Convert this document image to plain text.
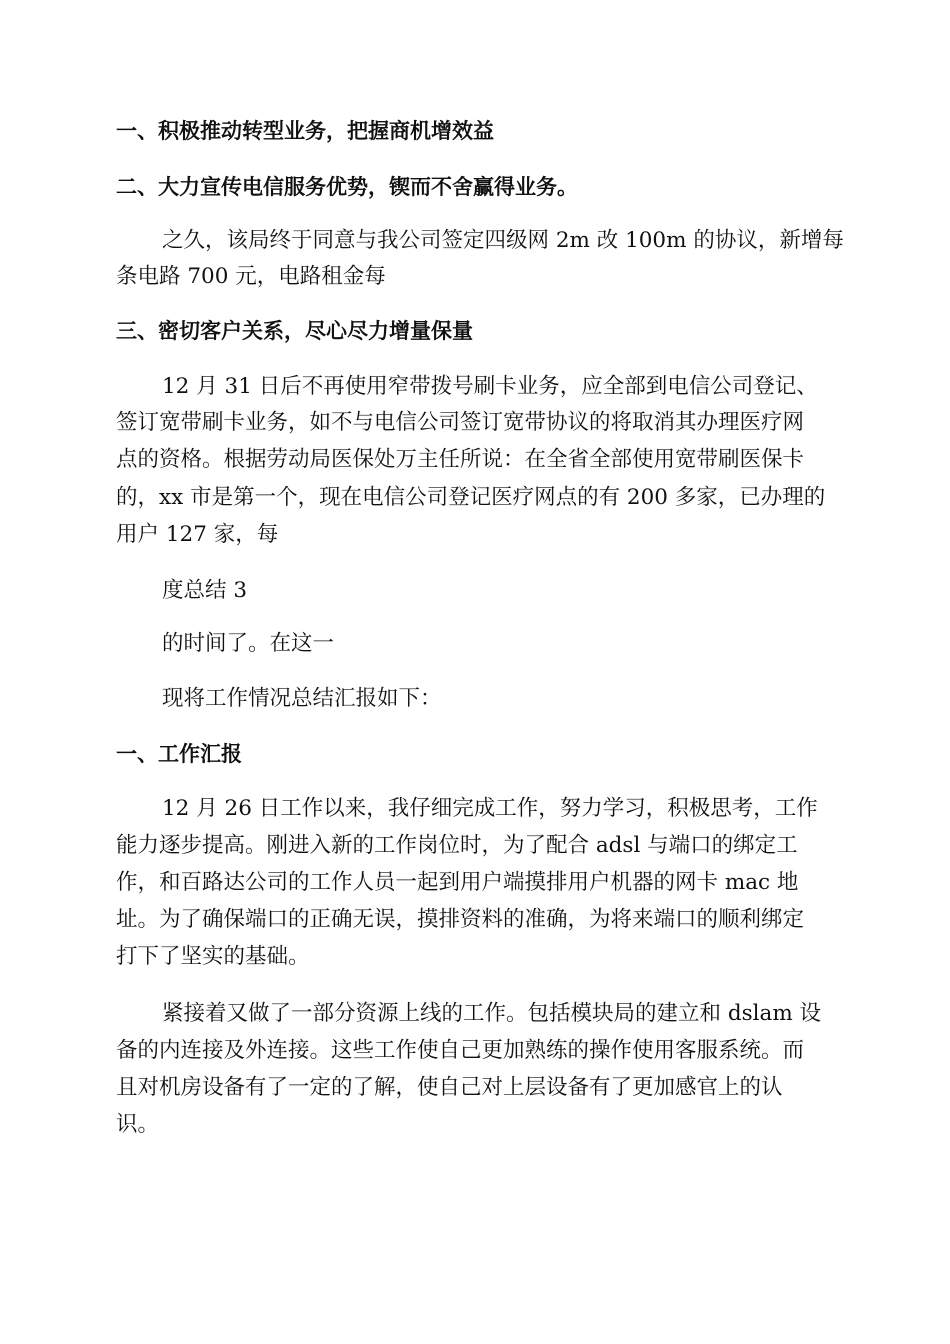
一、积极推动转型业务，把握商机增效益
二、大力宣传电信服务优势，锲而不舍赢得业务。
之久，该局终于同意与我公司签定四级网 2m 改 100m 的协议，新增每
条电路 700 元，电路租金每
三、密切客户关系，尽心尽力增量保量
12 月 31 日后不再使用窄带拨号刷卡业务，应全部到电信公司登记、
签订宽带刷卡业务，如不与电信公司签订宽带协议的将取消其办理医疗网
点的资格。根据劳动局医保处万主任所说：在全省全部使用宽带刷医保卡
的，xx 市是第一个，现在电信公司登记医疗网点的有 200 多家，已办理的
用户 127 家，每
度总结 3
的时间了。在这一
现将工作情况总结汇报如下：
一、工作汇报
12 月 26 日工作以来，我仔细完成工作，努力学习，积极思考，工作
能力逐步提高。刚进入新的工作岗位时，为了配合 adsl 与端口的绑定工
作，和百路达公司的工作人员一起到用户端摸排用户机器的网卡 mac 地
址。为了确保端口的正确无误，摸排资料的准确，为将来端口的顺利绑定
打下了坚实的基础。
紧接着又做了一部分资源上线的工作。包括模块局的建立和 dslam 设
备的内连接及外连接。这些工作使自己更加熟练的操作使用客服系统。而
且对机房设备有了一定的了解，使自己对上层设备有了更加感官上的认
识。
